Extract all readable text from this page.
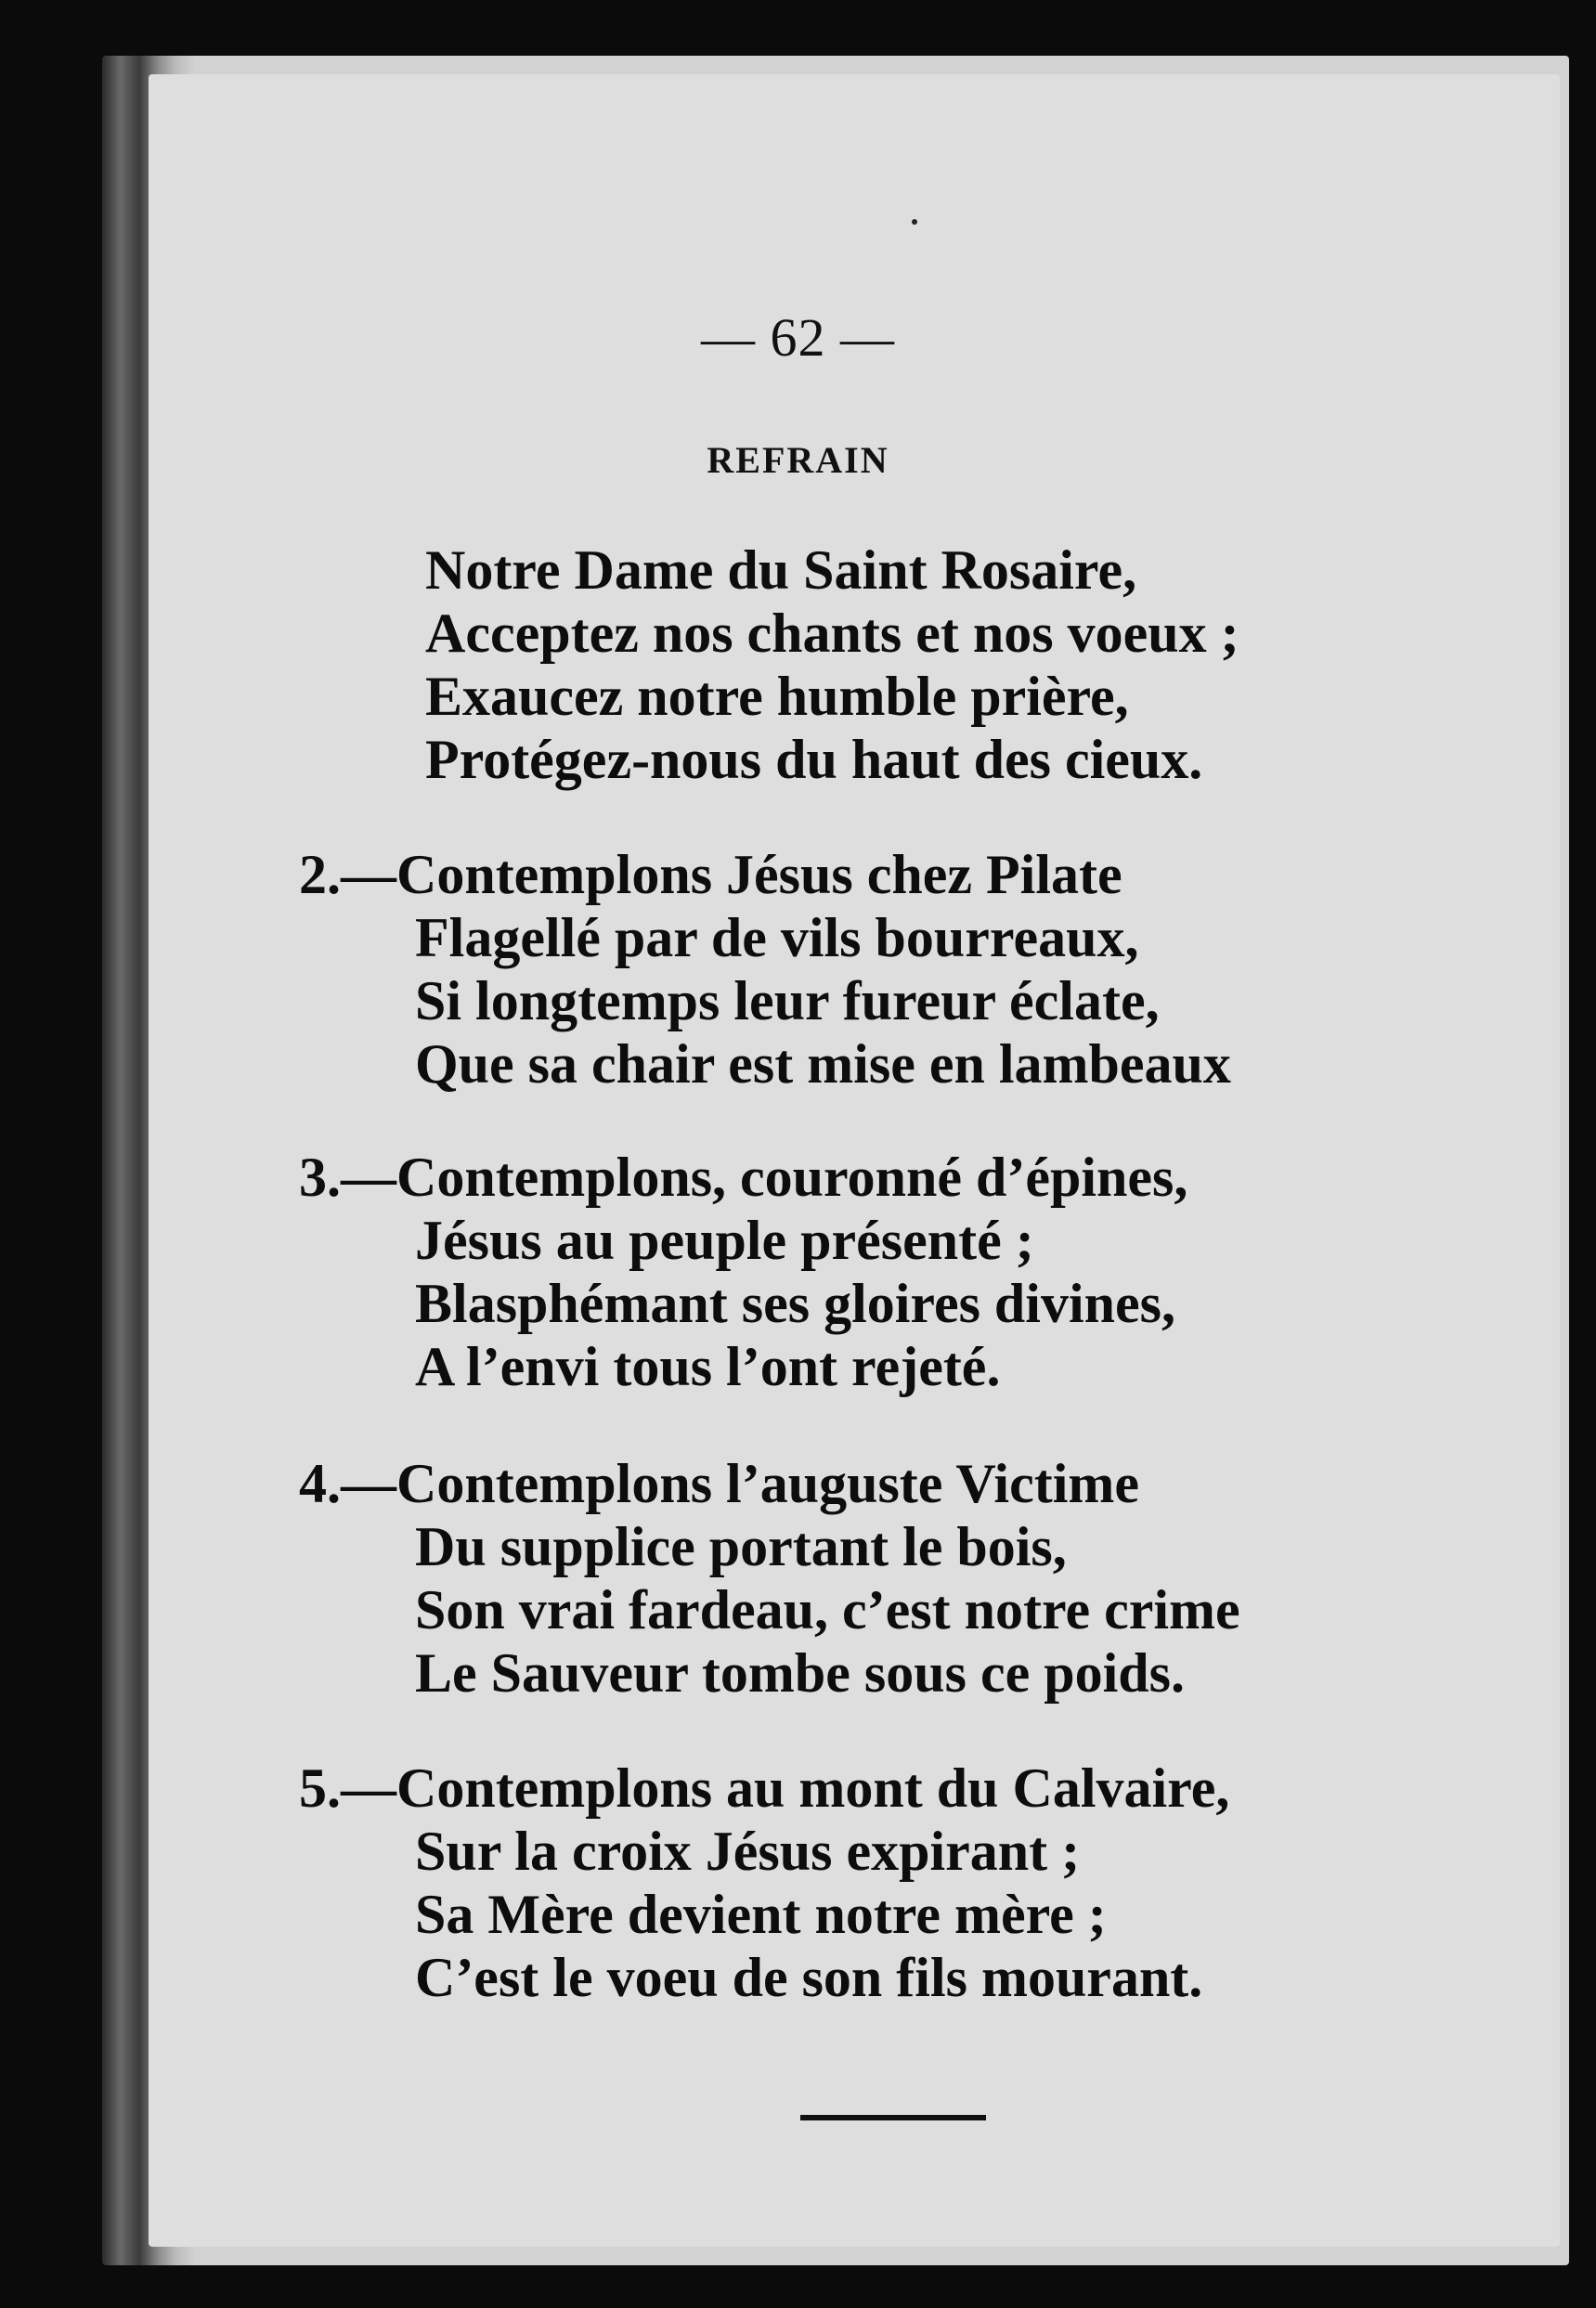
— 62 —
REFRAIN
Notre Dame du Saint Rosaire,
Acceptez nos chants et nos voeux ;
Exaucez notre humble prière,
Protégez-nous du haut des cieux.
2.—Contemplons Jésus chez Pilate
Flagellé par de vils bourreaux,
Si longtemps leur fureur éclate,
Que sa chair est mise en lambeaux
3.—Contemplons, couronné d’épines,
Jésus au peuple présenté ;
Blasphémant ses gloires divines,
A l’envi tous l’ont rejeté.
4.—Contemplons l’auguste Victime
Du supplice portant le bois,
Son vrai fardeau, c’est notre crime
Le Sauveur tombe sous ce poids.
5.—Contemplons au mont du Calvaire,
Sur la croix Jésus expirant ;
Sa Mère devient notre mère ;
C’est le voeu de son fils mourant.
